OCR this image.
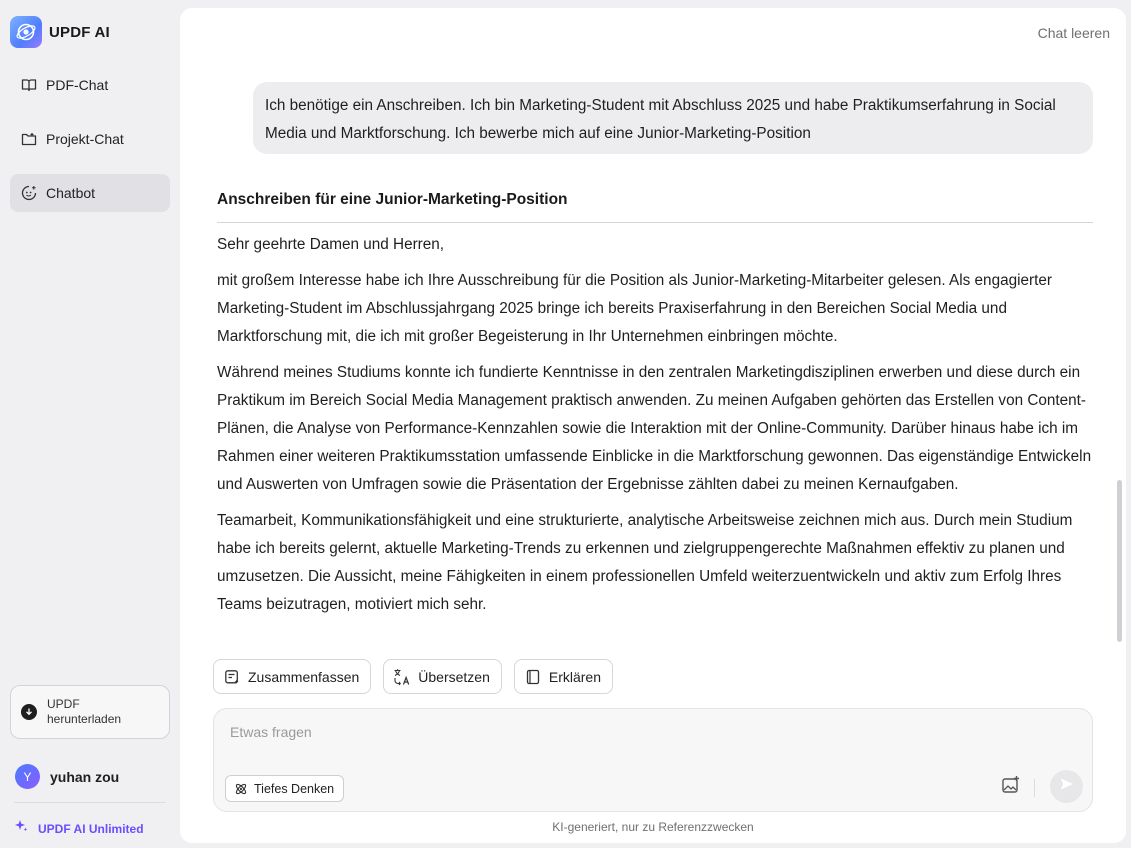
UPDF AI
PDF-Chat
Projekt-Chat
Chatbot
UPDF
herunterladen
Y	yuhan zou
UPDF AI Unlimited
Chat leeren
Ich benötige ein Anschreiben. Ich bin Marketing-Student mit Abschluss 2025 und habe Praktikumserfahrung in Social Media und Marktforschung. Ich bewerbe mich auf eine Junior-Marketing-Position
Anschreiben für eine Junior-Marketing-Position

Sehr geehrte Damen und Herren,

mit großem Interesse habe ich Ihre Ausschreibung für die Position als Junior-Marketing-Mitarbeiter gelesen. Als engagierter Marketing-Student im Abschlussjahrgang 2025 bringe ich bereits Praxiserfahrung in den Bereichen Social Media und Marktforschung mit, die ich mit großer Begeisterung in Ihr Unternehmen einbringen möchte.

Während meines Studiums konnte ich fundierte Kenntnisse in den zentralen Marketingdisziplinen erwerben und diese durch ein Praktikum im Bereich Social Media Management praktisch anwenden. Zu meinen Aufgaben gehörten das Erstellen von Content-Plänen, die Analyse von Performance-Kennzahlen sowie die Interaktion mit der Online-Community. Darüber hinaus habe ich im Rahmen einer weiteren Praktikumsstation umfassende Einblicke in die Marktforschung gewonnen. Das eigenständige Entwickeln und Auswerten von Umfragen sowie die Präsentation der Ergebnisse zählten dabei zu meinen Kernaufgaben.

Teamarbeit, Kommunikationsfähigkeit und eine strukturierte, analytische Arbeitsweise zeichnen mich aus. Durch mein Studium habe ich bereits gelernt, aktuelle Marketing-Trends zu erkennen und zielgruppengerechte Maßnahmen effektiv zu planen und umzusetzen. Die Aussicht, meine Fähigkeiten in einem professionellen Umfeld weiterzuentwickeln und aktiv zum Erfolg Ihres Teams beizutragen, motiviert mich sehr.

Zusammenfassen	Übersetzen	Erklären
Etwas fragen
Tiefes Denken
KI-generiert, nur zu Referenzzwecken
